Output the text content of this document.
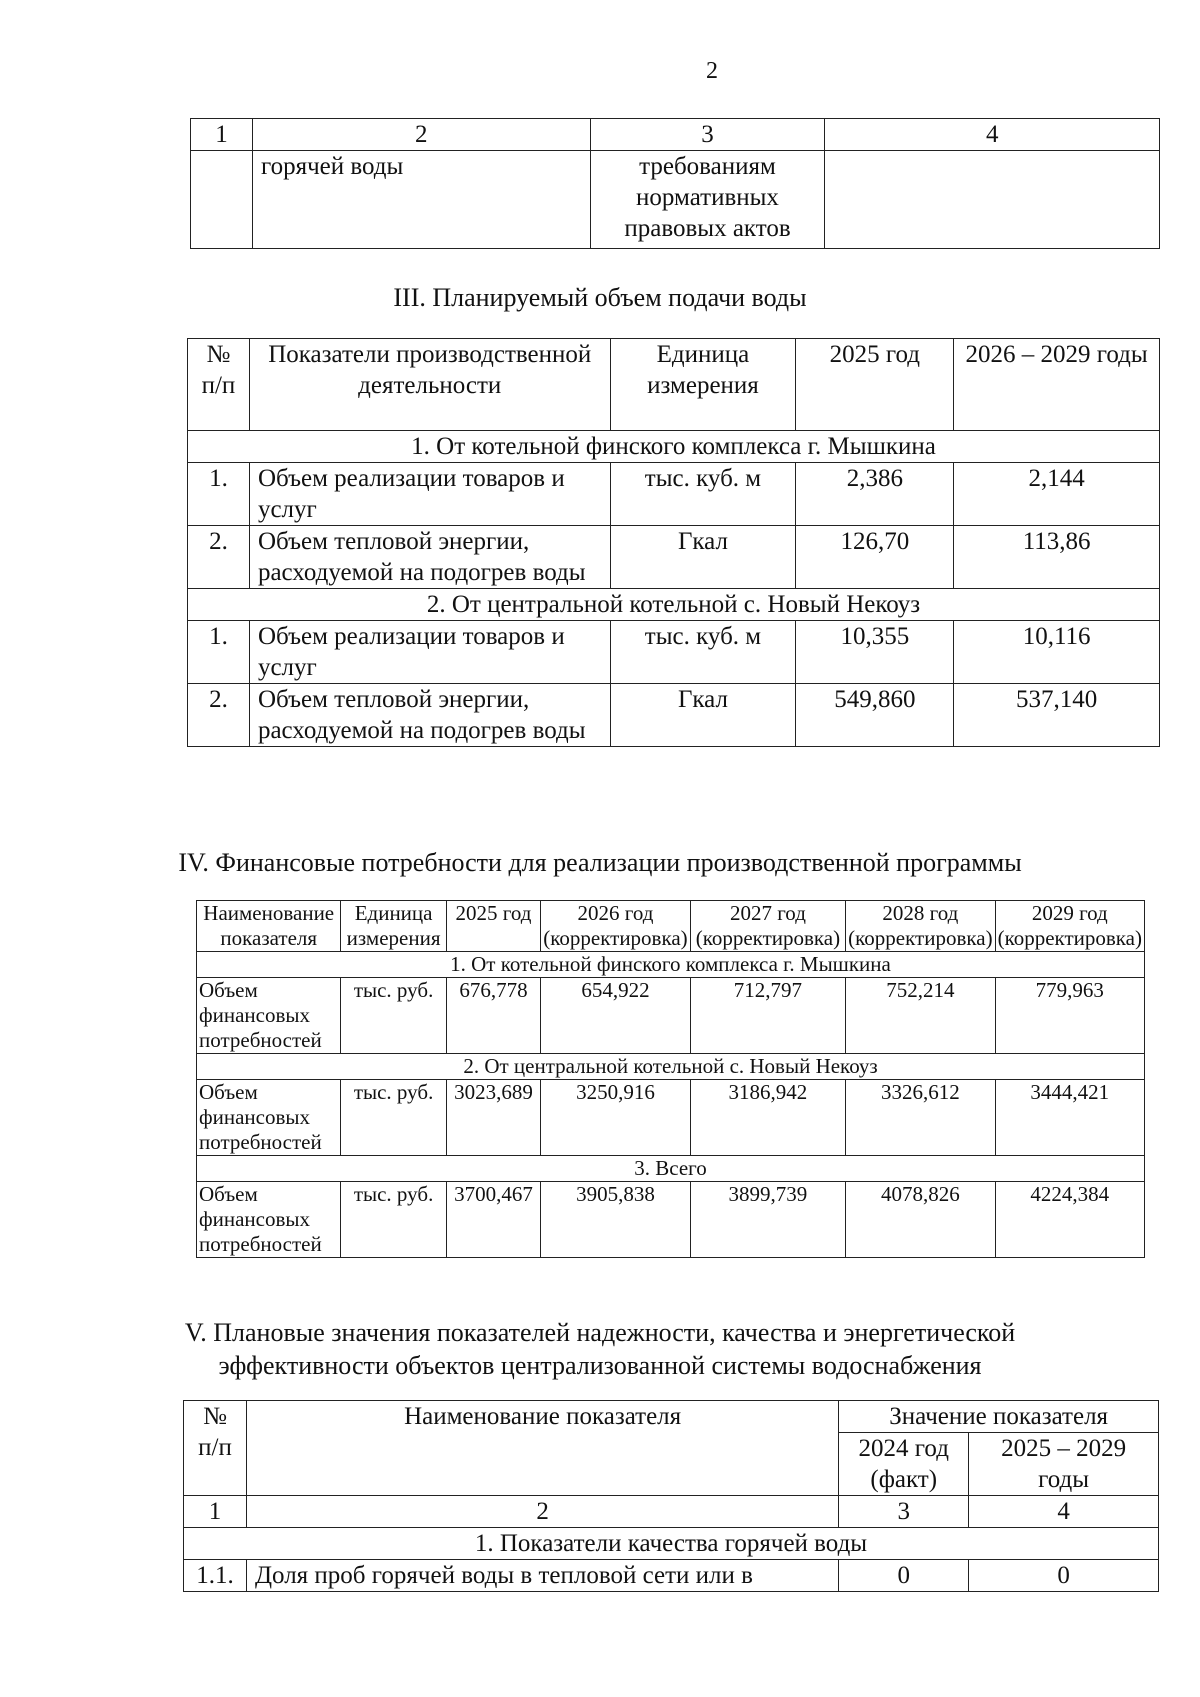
2
1	2	3	4
	горячей воды	требованиям нормативных правовых актов	
III. Планируемый объем подачи воды
№ п/п	Показатели производственной деятельности	Единица измерения	2025 год	2026 – 2029 годы
1. От котельной финского комплекса г. Мышкина				
1.	Объем реализации товаров и услуг	тыс. куб. м	2,386	2,144
2.	Объем тепловой энергии, расходуемой на подогрев воды	Гкал	126,70	113,86
2. От центральной котельной с. Новый Некоуз				
1.	Объем реализации товаров и услуг	тыс. куб. м	10,355	10,116
2.	Объем тепловой энергии, расходуемой на подогрев воды	Гкал	549,860	537,140
IV. Финансовые потребности для реализации производственной программы
Наименование показателя	Единица измерения	2025 год	2026 год (корректировка)	2027 год (корректировка)	2028 год (корректировка)	2029 год (корректировка)
1. От котельной финского комплекса г. Мышкина						
Объем финансовых потребностей	тыс. руб.	676,778	654,922	712,797	752,214	779,963
2. От центральной котельной с. Новый Некоуз						
Объем финансовых потребностей	тыс. руб.	3023,689	3250,916	3186,942	3326,612	3444,421
3. Всего						
Объем финансовых потребностей	тыс. руб.	3700,467	3905,838	3899,739	4078,826	4224,384
V. Плановые значения показателей надежности, качества и энергетической
эффективности объектов централизованной системы водоснабжения
№ п/п	Наименование показателя	Значение показателя	
		2024 год (факт)	2025 – 2029 годы
1	2	3	4
1. Показатели качества горячей воды			
1.1.	Доля проб горячей воды в тепловой сети или в	0	0
